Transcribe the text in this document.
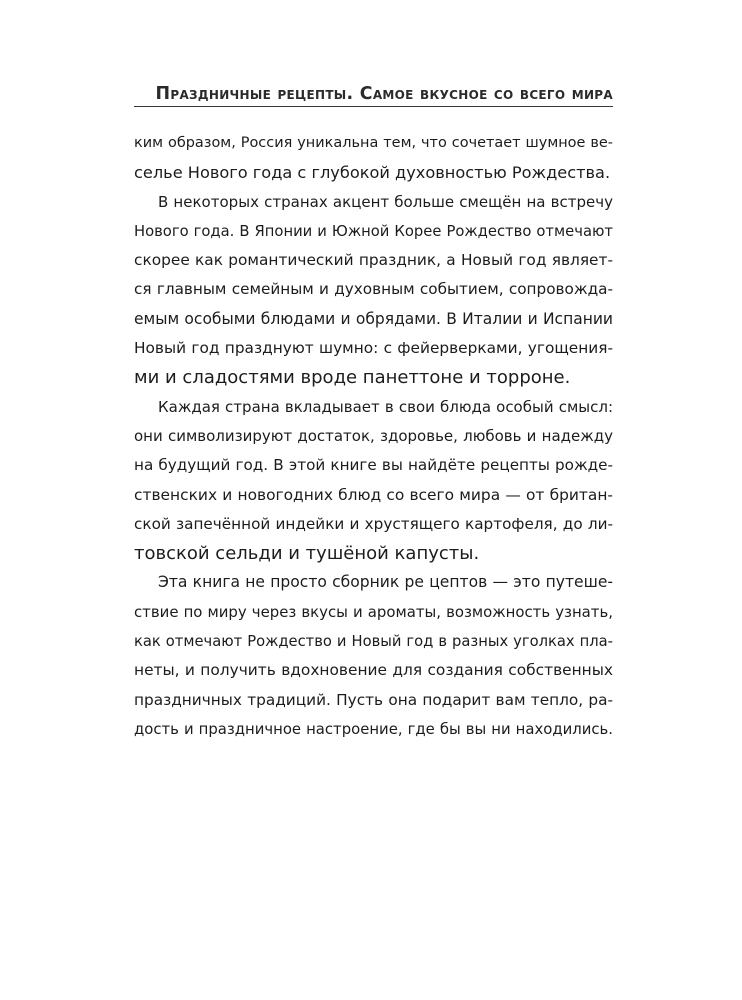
Праздничные рецепты. Самое вкусное со всего мира
ким образом, Россия уникальна тем, что сочетает шумное ве-
селье Нового года с глубокой духовностью Рождества.
В некоторых странах акцент больше смещён на встречу
Нового года. В Японии и Южной Корее Рождество отмечают
скорее как романтический праздник, а Новый год являет-
ся главным семейным и духовным событием, сопровожда-
емым особыми блюдами и обрядами. В Италии и Испании
Новый год празднуют шумно: с фейерверками, угощения-
ми и сладостями вроде панеттоне и торроне.
Каждая страна вкладывает в свои блюда особый смысл:
они символизируют достаток, здоровье, любовь и надежду
на будущий год. В этой книге вы найдёте рецепты рожде-
ственских и новогодних блюд со всего мира — от британ-
ской запечённой индейки и хрустящего картофеля, до ли-
товской сельди и тушёной капусты.
Эта книга не просто сборник ре цептов — это путеше-
ствие по миру через вкусы и ароматы, возможность узнать,
как отмечают Рождество и Новый год в разных уголках пла-
неты, и получить вдохновение для создания собственных
праздничных традиций. Пусть она подарит вам тепло, ра-
дость и праздничное настроение, где бы вы ни находились.
